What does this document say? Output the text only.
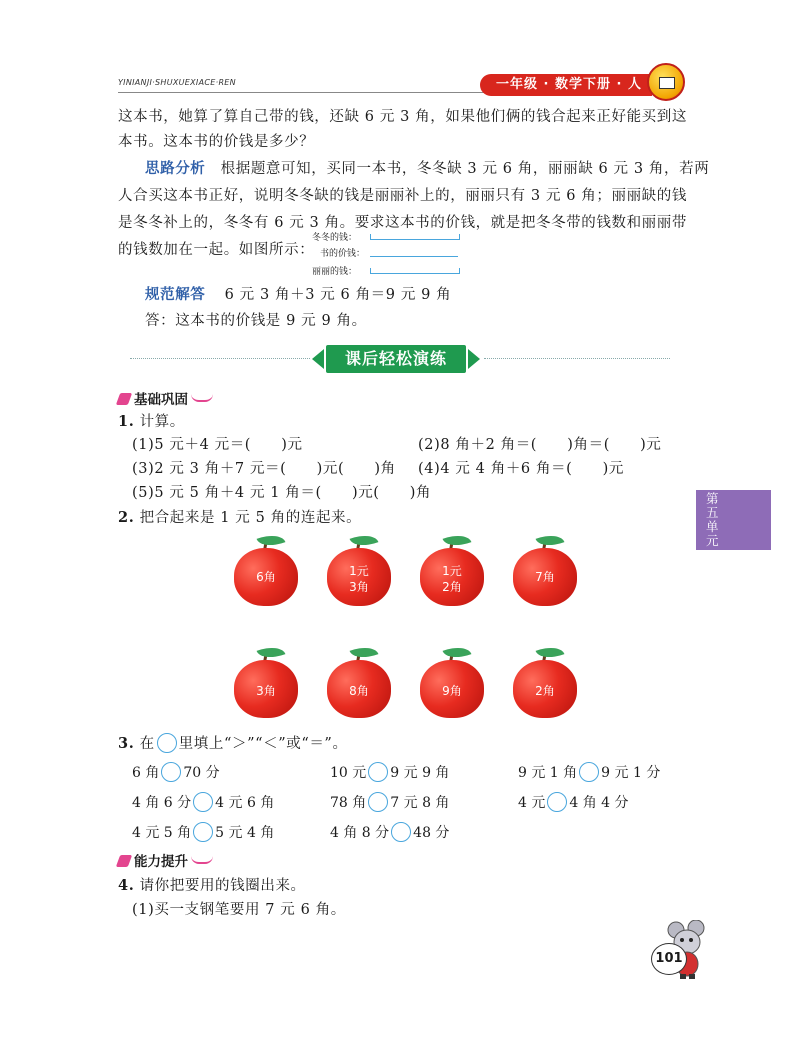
YINIANJI·SHUXUEXIACE·REN	一年级 · 数学下册 · 人
这本书，她算了算自己带的钱，还缺 6 元 3 角，如果他们俩的钱合起来正好能买到这
本书。这本书的价钱是多少？
思路分析 根据题意可知，买同一本书，冬冬缺 3 元 6 角，丽丽缺 6 元 3 角，若两
人合买这本书正好，说明冬冬缺的钱是丽丽补上的，丽丽只有 3 元 6 角；丽丽缺的钱
是冬冬补上的，冬冬有 6 元 3 角。要求这本书的价钱，就是把冬冬带的钱数和丽丽带
的钱数加在一起。如图所示：
冬冬的钱：
书的价钱：
丽丽的钱：
规范解答 6 元 3 角＋3 元 6 角＝9 元 9 角
答：这本书的价钱是 9 元 9 角。
课后轻松演练
基础巩固
1. 计算。
(1)5 元＋4 元＝(　　)元	(2)8 角＋2 角＝(　　)角＝(　　)元
(3)2 元 3 角＋7 元＝(　　)元(　　)角 (4)4 元 4 角＋6 角＝(　　)元
(5)5 元 5 角＋4 元 1 角＝(　　)元(　　)角	第
五
单
元
2. 把合起来是 1 元 5 角的连起来。
6角	1元
3角
1元
2角
7角
3角	8角	9角	2角
3. 在 里填上“＞”“＜”或“＝”。
6 角 70 分	10 元 9 元 9 角	9 元 1 角 9 元 1 分
4 角 6 分 4 元 6 角	78 角 7 元 8 角	4 元 4 角 4 分
4 元 5 角 5 元 4 角	4 角 8 分 48 分
能力提升
4. 请你把要用的钱圈出来。
(1)买一支钢笔要用 7 元 6 角。
101
